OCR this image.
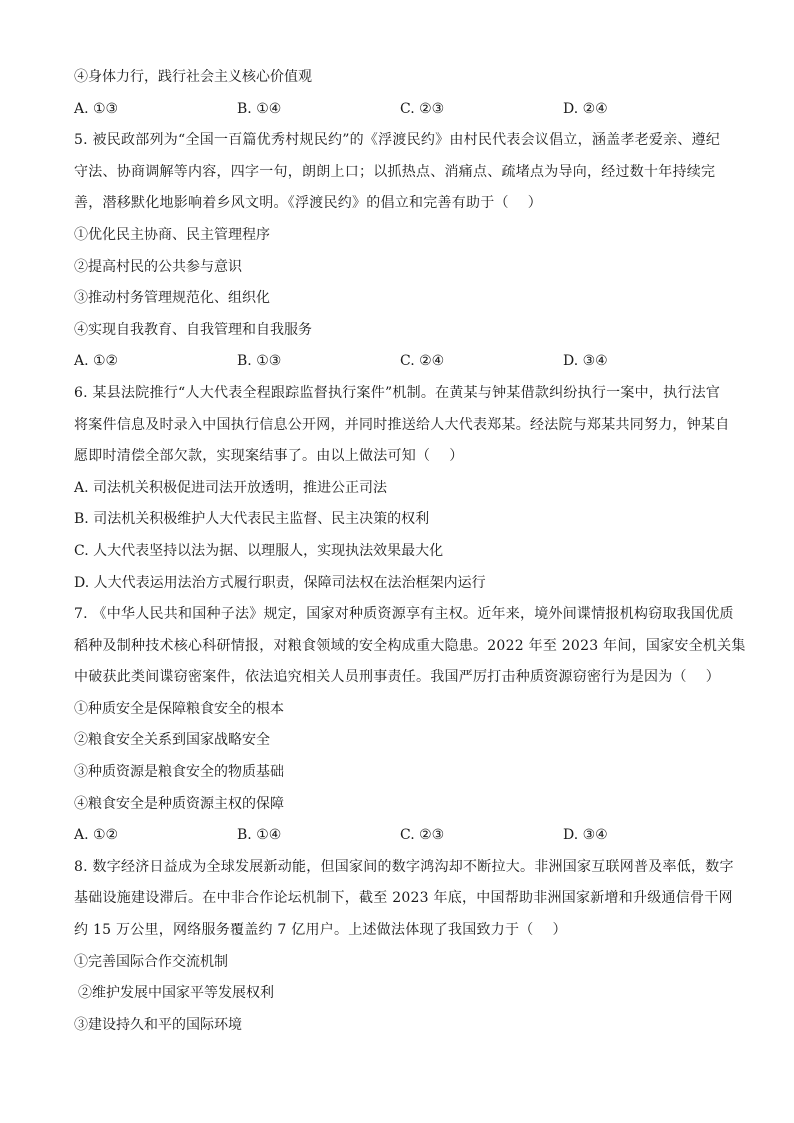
④身体力行，践行社会主义核心价值观
A. ①③	B. ①④	C. ②③	D. ②④
5. 被民政部列为“全国一百篇优秀村规民约”的《浮渡民约》由村民代表会议倡立，涵盖孝老爱亲、遵纪
守法、协商调解等内容，四字一句，朗朗上口；以抓热点、消痛点、疏堵点为导向，经过数十年持续完
善，潜移默化地影响着乡风文明。《浮渡民约》的倡立和完善有助于（　 ）
①优化民主协商、民主管理程序
②提高村民的公共参与意识
③推动村务管理规范化、组织化
④实现自我教育、自我管理和自我服务
A. ①②	B. ①③	C. ②④	D. ③④
6. 某县法院推行“人大代表全程跟踪监督执行案件”机制。在黄某与钟某借款纠纷执行一案中，执行法官
将案件信息及时录入中国执行信息公开网，并同时推送给人大代表郑某。经法院与郑某共同努力，钟某自
愿即时清偿全部欠款，实现案结事了。由以上做法可知（　 ）
A. 司法机关积极促进司法开放透明，推进公正司法
B. 司法机关积极维护人大代表民主监督、民主决策的权利
C. 人大代表坚持以法为据、以理服人，实现执法效果最大化
D. 人大代表运用法治方式履行职责，保障司法权在法治框架内运行
7. 《中华人民共和国种子法》规定，国家对种质资源享有主权。近年来，境外间谍情报机构窃取我国优质
稻种及制种技术核心科研情报，对粮食领域的安全构成重大隐患。2022 年至 2023 年间，国家安全机关集
中破获此类间谍窃密案件，依法追究相关人员刑事责任。我国严厉打击种质资源窃密行为是因为（　 ）
①种质安全是保障粮食安全的根本
②粮食安全关系到国家战略安全
③种质资源是粮食安全的物质基础
④粮食安全是种质资源主权的保障
A. ①②	B. ①④	C. ②③	D. ③④
8. 数字经济日益成为全球发展新动能，但国家间的数字鸿沟却不断拉大。非洲国家互联网普及率低，数字
基础设施建设滞后。在中非合作论坛机制下，截至 2023 年底，中国帮助非洲国家新增和升级通信骨干网
约 15 万公里，网络服务覆盖约 7 亿用户。上述做法体现了我国致力于（　 ）
①完善国际合作交流机制
②维护发展中国家平等发展权利
③建设持久和平的国际环境
